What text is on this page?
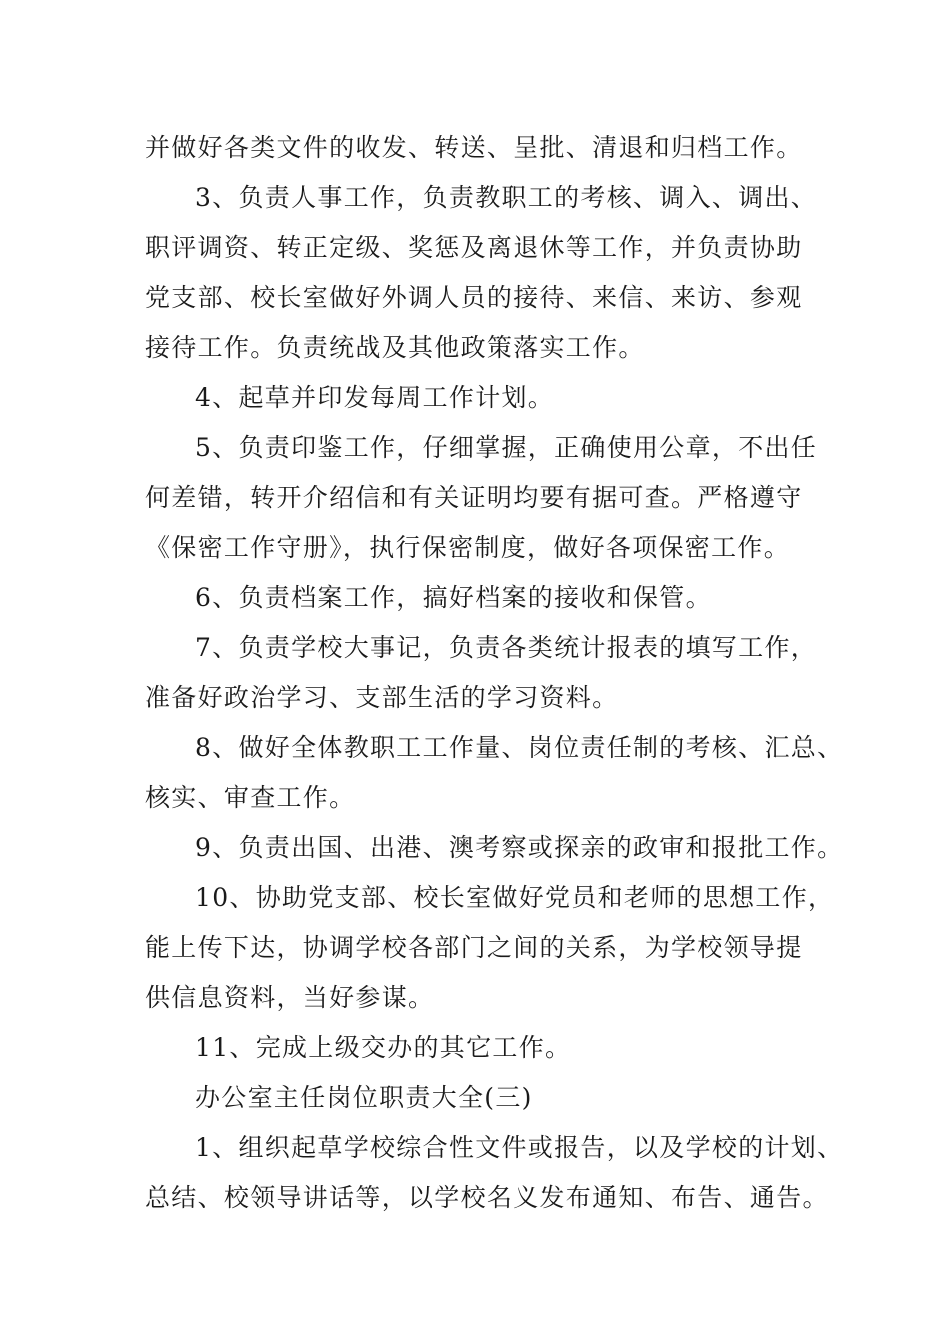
并做好各类文件的收发、转送、呈批、清退和归档工作。

3、负责人事工作，负责教职工的考核、调入、调出、

职评调资、转正定级、奖惩及离退休等工作，并负责协助

党支部、校长室做好外调人员的接待、来信、来访、参观

接待工作。负责统战及其他政策落实工作。

4、起草并印发每周工作计划。

5、负责印鉴工作，仔细掌握，正确使用公章，不出任

何差错，转开介绍信和有关证明均要有据可查。严格遵守

《保密工作守册》，执行保密制度，做好各项保密工作。

6、负责档案工作，搞好档案的接收和保管。

7、负责学校大事记，负责各类统计报表的填写工作，

准备好政治学习、支部生活的学习资料。

8、做好全体教职工工作量、岗位责任制的考核、汇总、

核实、审查工作。

9、负责出国、出港、澳考察或探亲的政审和报批工作。

10、协助党支部、校长室做好党员和老师的思想工作，

能上传下达，协调学校各部门之间的关系，为学校领导提

供信息资料，当好参谋。

11、完成上级交办的其它工作。

办公室主任岗位职责大全(三)

1、组织起草学校综合性文件或报告，以及学校的计划、

总结、校领导讲话等，以学校名义发布通知、布告、通告。
